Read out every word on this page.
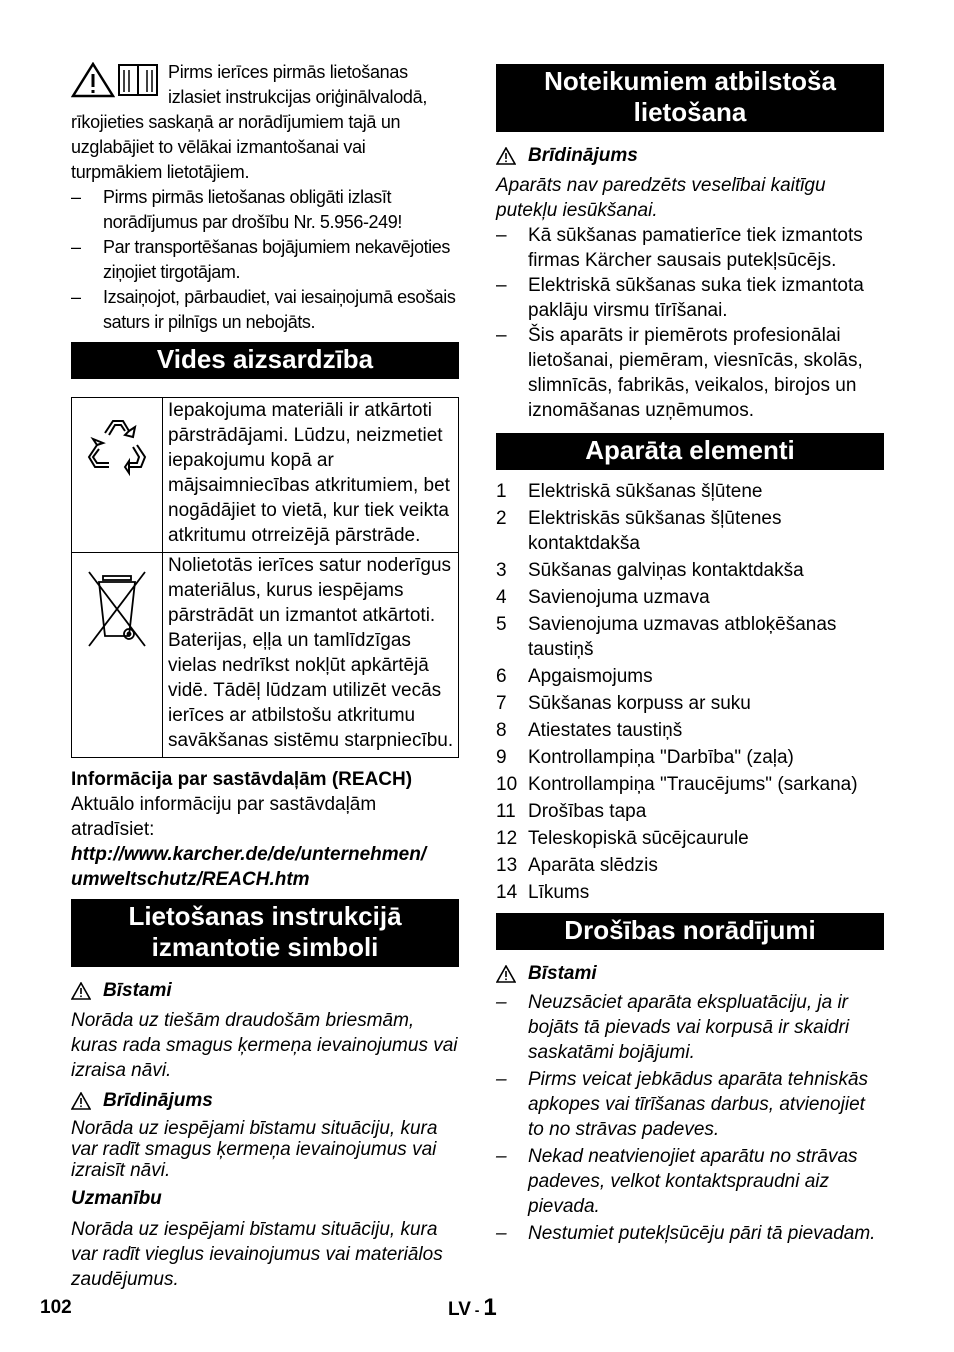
Pirms ierīces pirmās lietošanas

izlasiet instrukcijas oriģinālvalodā,

rīkojieties saskaņā ar norādījumiem tajā un uzglabājiet to vēlākai izmantošanai vai turpmākiem lietotājiem.

– Pirms pirmās lietošanas obligāti izlasīt norādījumus par drošību Nr. 5.956-249!
– Par transportēšanas bojājumiem nekavējoties ziņojiet tirgotājam.
– Izsaiņojot, pārbaudiet, vai iesaiņojumā esošais saturs ir pilnīgs un nebojāts.
Vides aizsardzība
	Iepakojuma materiāli ir atkārtoti pārstrādājami. Lūdzu, neizmetiet iepakojumu kopā ar mājsaimniecības atkritumiem, bet nogādājiet to vietā, kur tiek veikta atkritumu otrreizējā pārstrāde.
	Nolietotās ierīces satur noderīgus materiālus, kurus iespējams pārstrādāt un izmantot atkārtoti. Baterijas, eļļa un tamlīdzīgas vielas nedrīkst nokļūt apkārtējā vidē. Tādēļ lūdzam utilizēt vecās ierīces ar atbilstošu atkritumu savākšanas sistēmu starpniecību.

Informācija par sastāvdaļām (REACH)

Aktuālo informāciju par sastāvdaļām atradīsiet:

http://www.karcher.de/de/unternehmen/ umweltschutz/REACH.htm

Lietošanas instrukcijā izmantotie simboli
Bīstami

Norāda uz tiešām draudošām briesmām, kuras rada smagus ķermeņa ievainojumus vai izraisa nāvi.

Brīdinājums

Norāda uz iespējami bīstamu situāciju, kura var radīt smagus ķermeņa ievainojumus vai izraisīt nāvi.

Uzmanību

Norāda uz iespējami bīstamu situāciju, kura var radīt vieglus ievainojumus vai materiālos zaudējumus.

Noteikumiem atbilstoša lietošana
Brīdinājums

Aparāts nav paredzēts veselībai kaitīgu putekļu iesūkšanai.

– Kā sūkšanas pamatierīce tiek izmantots firmas Kärcher sausais putekļsūcējs.
– Elektriskā sūkšanas suka tiek izmantota paklāju virsmu tīrīšanai.
– Šis aparāts ir piemērots profesionālai lietošanai, piemēram, viesnīcās, skolās, slimnīcās, fabrikās, veikalos, birojos un iznomāšanas uzņēmumos.
Aparāta elementi
1	Elektriskā sūkšanas šļūtene
2	Elektriskās sūkšanas šļūtenes kontaktdakša
3	Sūkšanas galviņas kontaktdakša
4	Savienojuma uzmava
5	Savienojuma uzmavas atbloķēšanas taustiņš
6	Apgaismojums
7	Sūkšanas korpuss ar suku
8	Atiestates taustiņš
9	Kontrollampiņa "Darbība" (zaļa)
10 Kontrollampiņa "Traucējums" (sarkana)
11 Drošības tapa
12 Teleskopiskā sūcējcaurule
13 Aparāta slēdzis
14 Līkums
Drošības norādījumi
Bīstami
– Neuzsāciet aparāta ekspluatāciju, ja ir bojāts tā pievads vai korpusā ir skaidri saskatāmi bojājumi.
– Pirms veicat jebkādus aparāta tehniskās apkopes vai tīrīšanas darbus, atvienojiet to no strāvas padeves.
– Nekad neatvienojiet aparātu no strāvas padeves, velkot kontaktspraudni aiz pievada.
– Nestumiet putekļsūcēju pāri tā pievadam.
102	LV - 1
